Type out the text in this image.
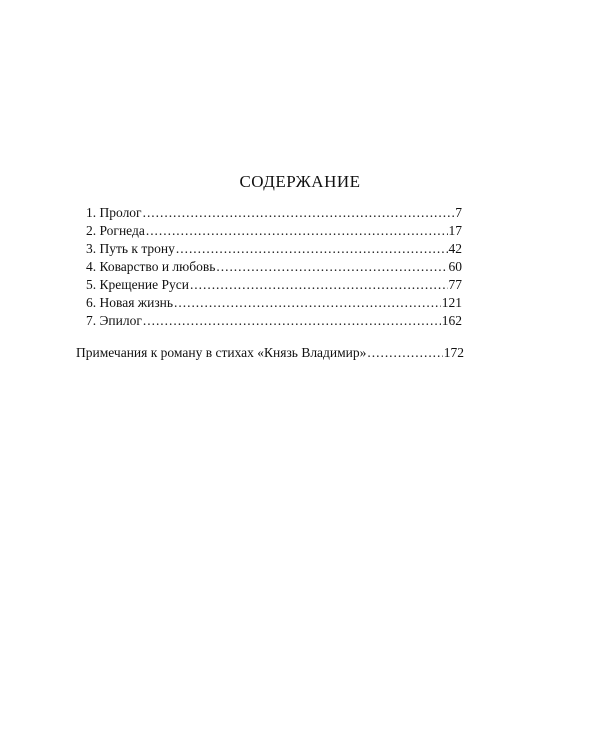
СОДЕРЖАНИЕ
1. Пролог . . .	7
2. Рогнеда . . .	17
3. Путь к трону . . .	42
4. Коварство и любовь . . .	60
5. Крещение Руси . . .	77
6. Новая жизнь . . .	121
7. Эпилог . . .	162
Примечания к роману в стихах «Князь Владимир» . . .	172
